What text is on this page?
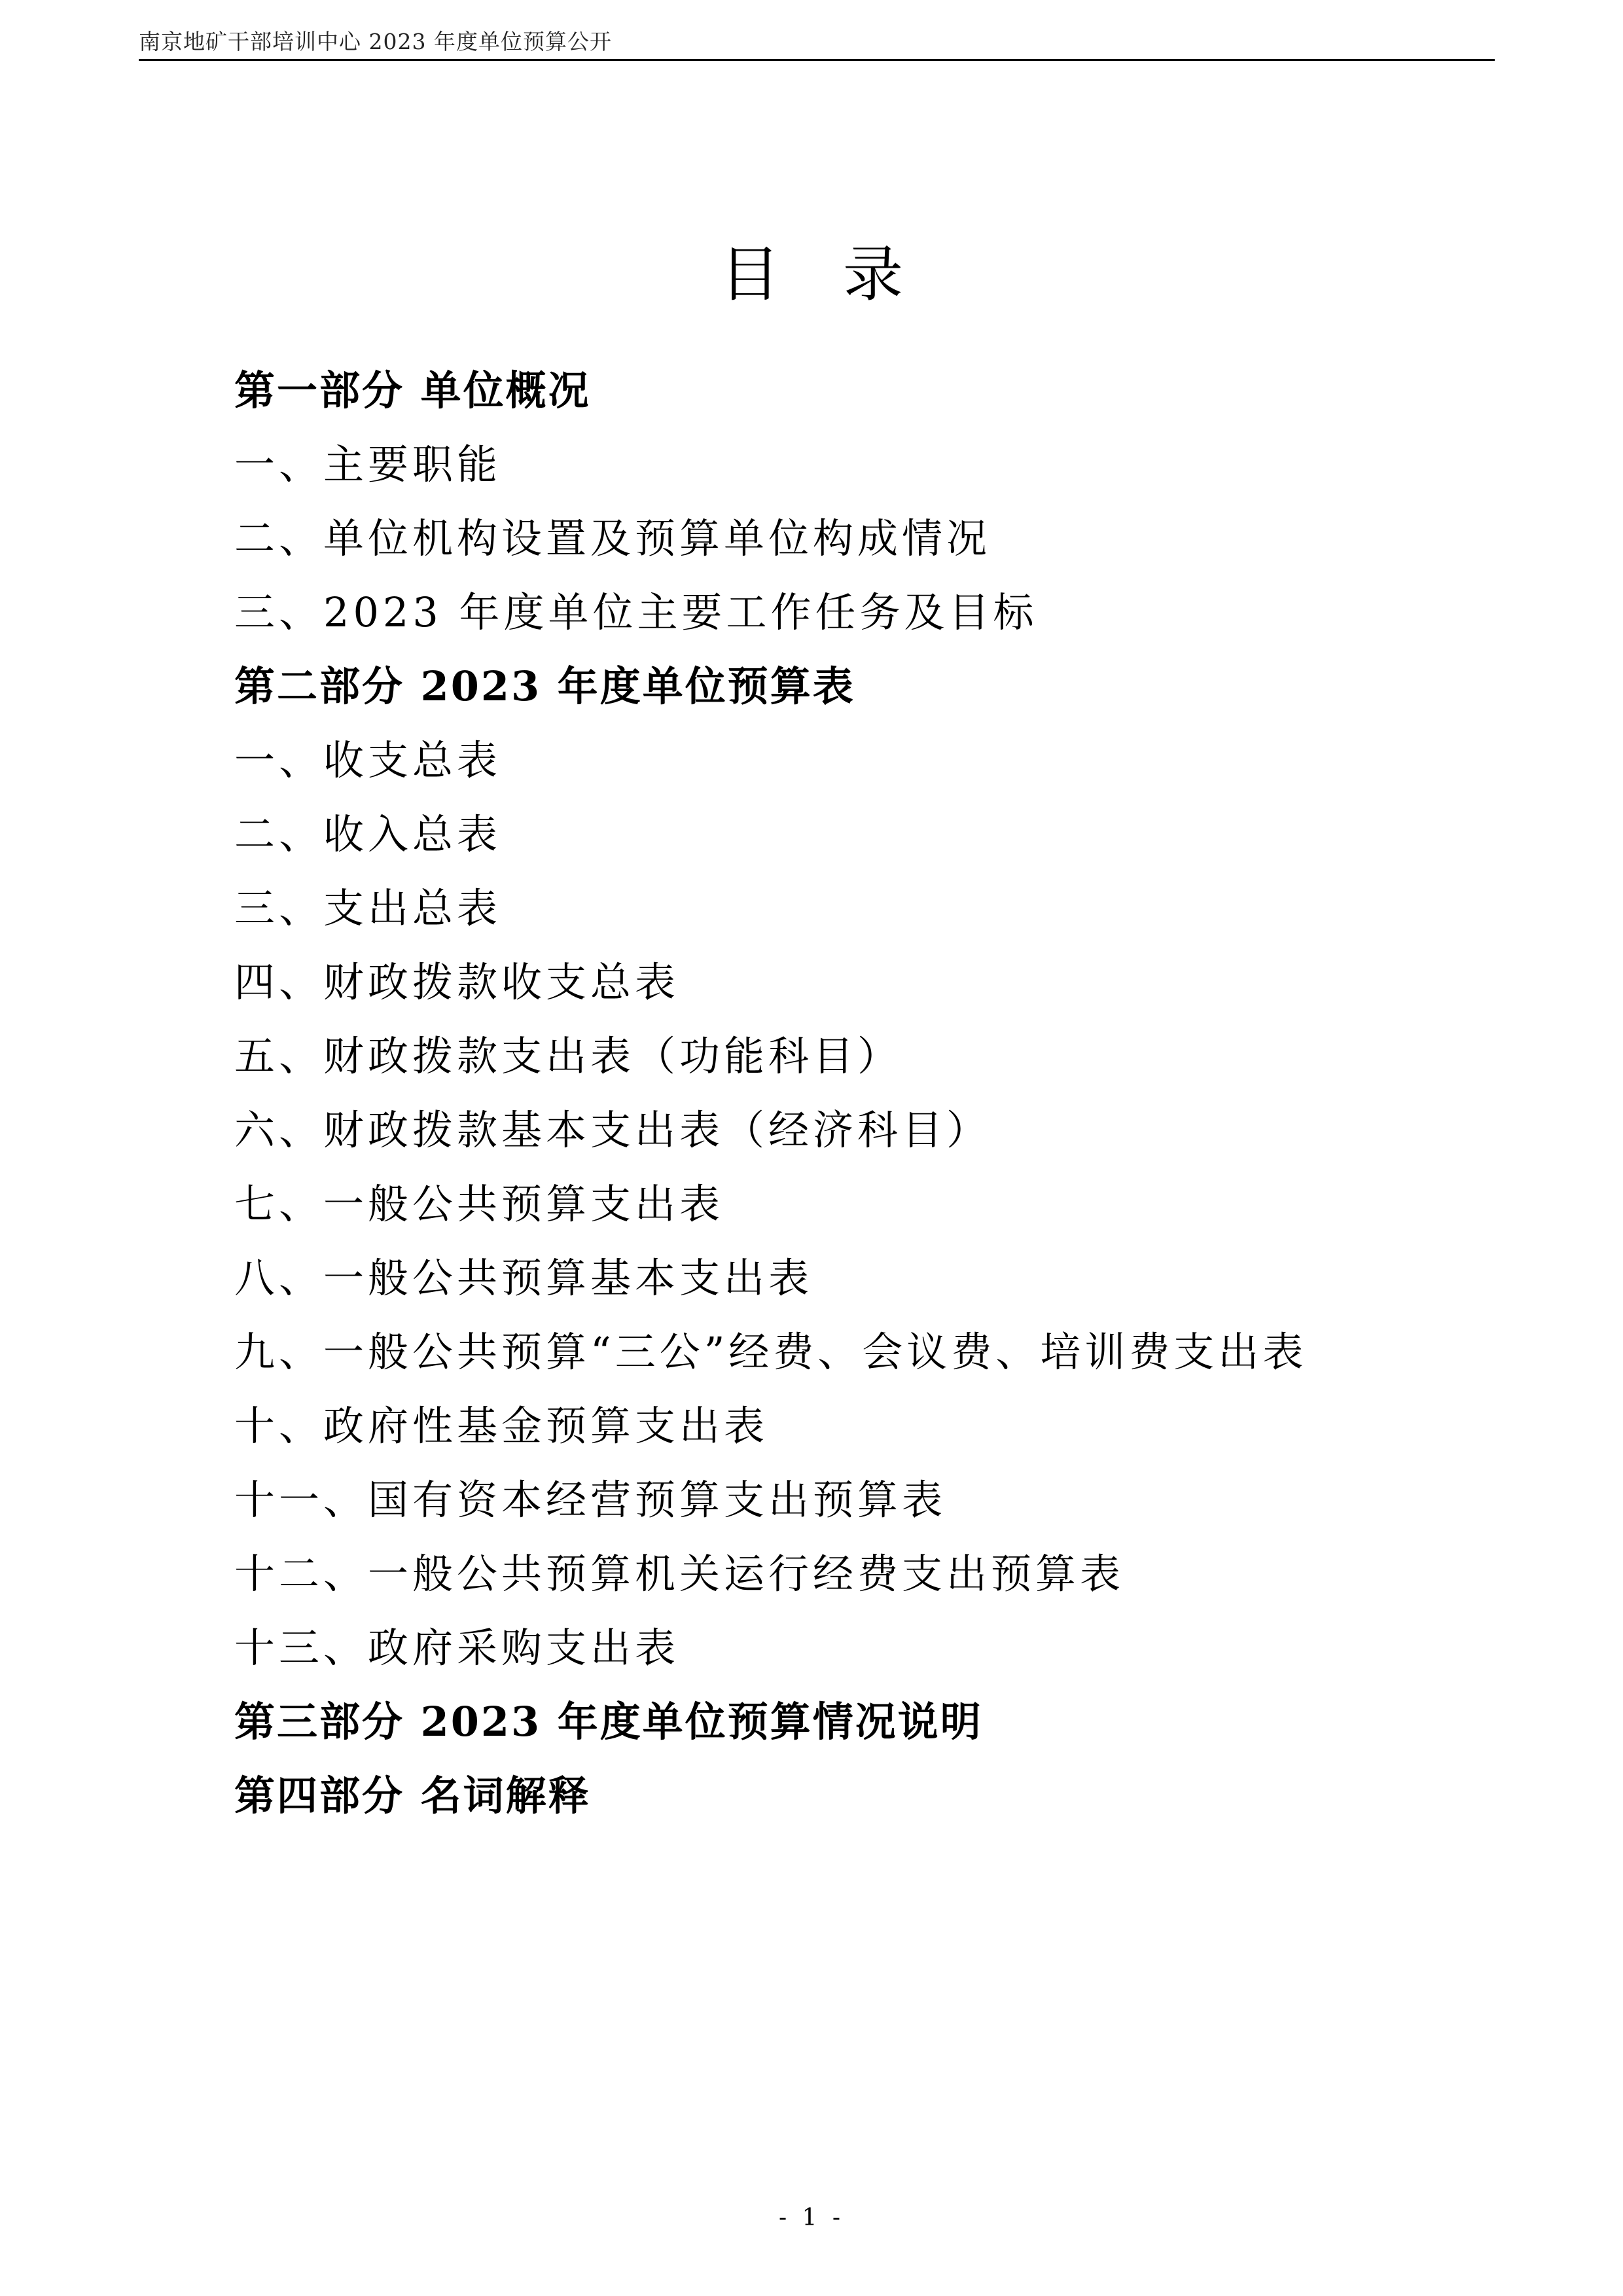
南京地矿干部培训中心 2023 年度单位预算公开
目录
第一部分 单位概况
一、主要职能
二、单位机构设置及预算单位构成情况
三、2023 年度单位主要工作任务及目标
第二部分 2023 年度单位预算表
一、收支总表
二、收入总表
三、支出总表
四、财政拨款收支总表
五、财政拨款支出表（功能科目）
六、财政拨款基本支出表（经济科目）
七、一般公共预算支出表
八、一般公共预算基本支出表
九、一般公共预算“三公”经费、会议费、培训费支出表
十、政府性基金预算支出表
十一、国有资本经营预算支出预算表
十二、一般公共预算机关运行经费支出预算表
十三、政府采购支出表
第三部分 2023 年度单位预算情况说明
第四部分 名词解释
- 1 -
